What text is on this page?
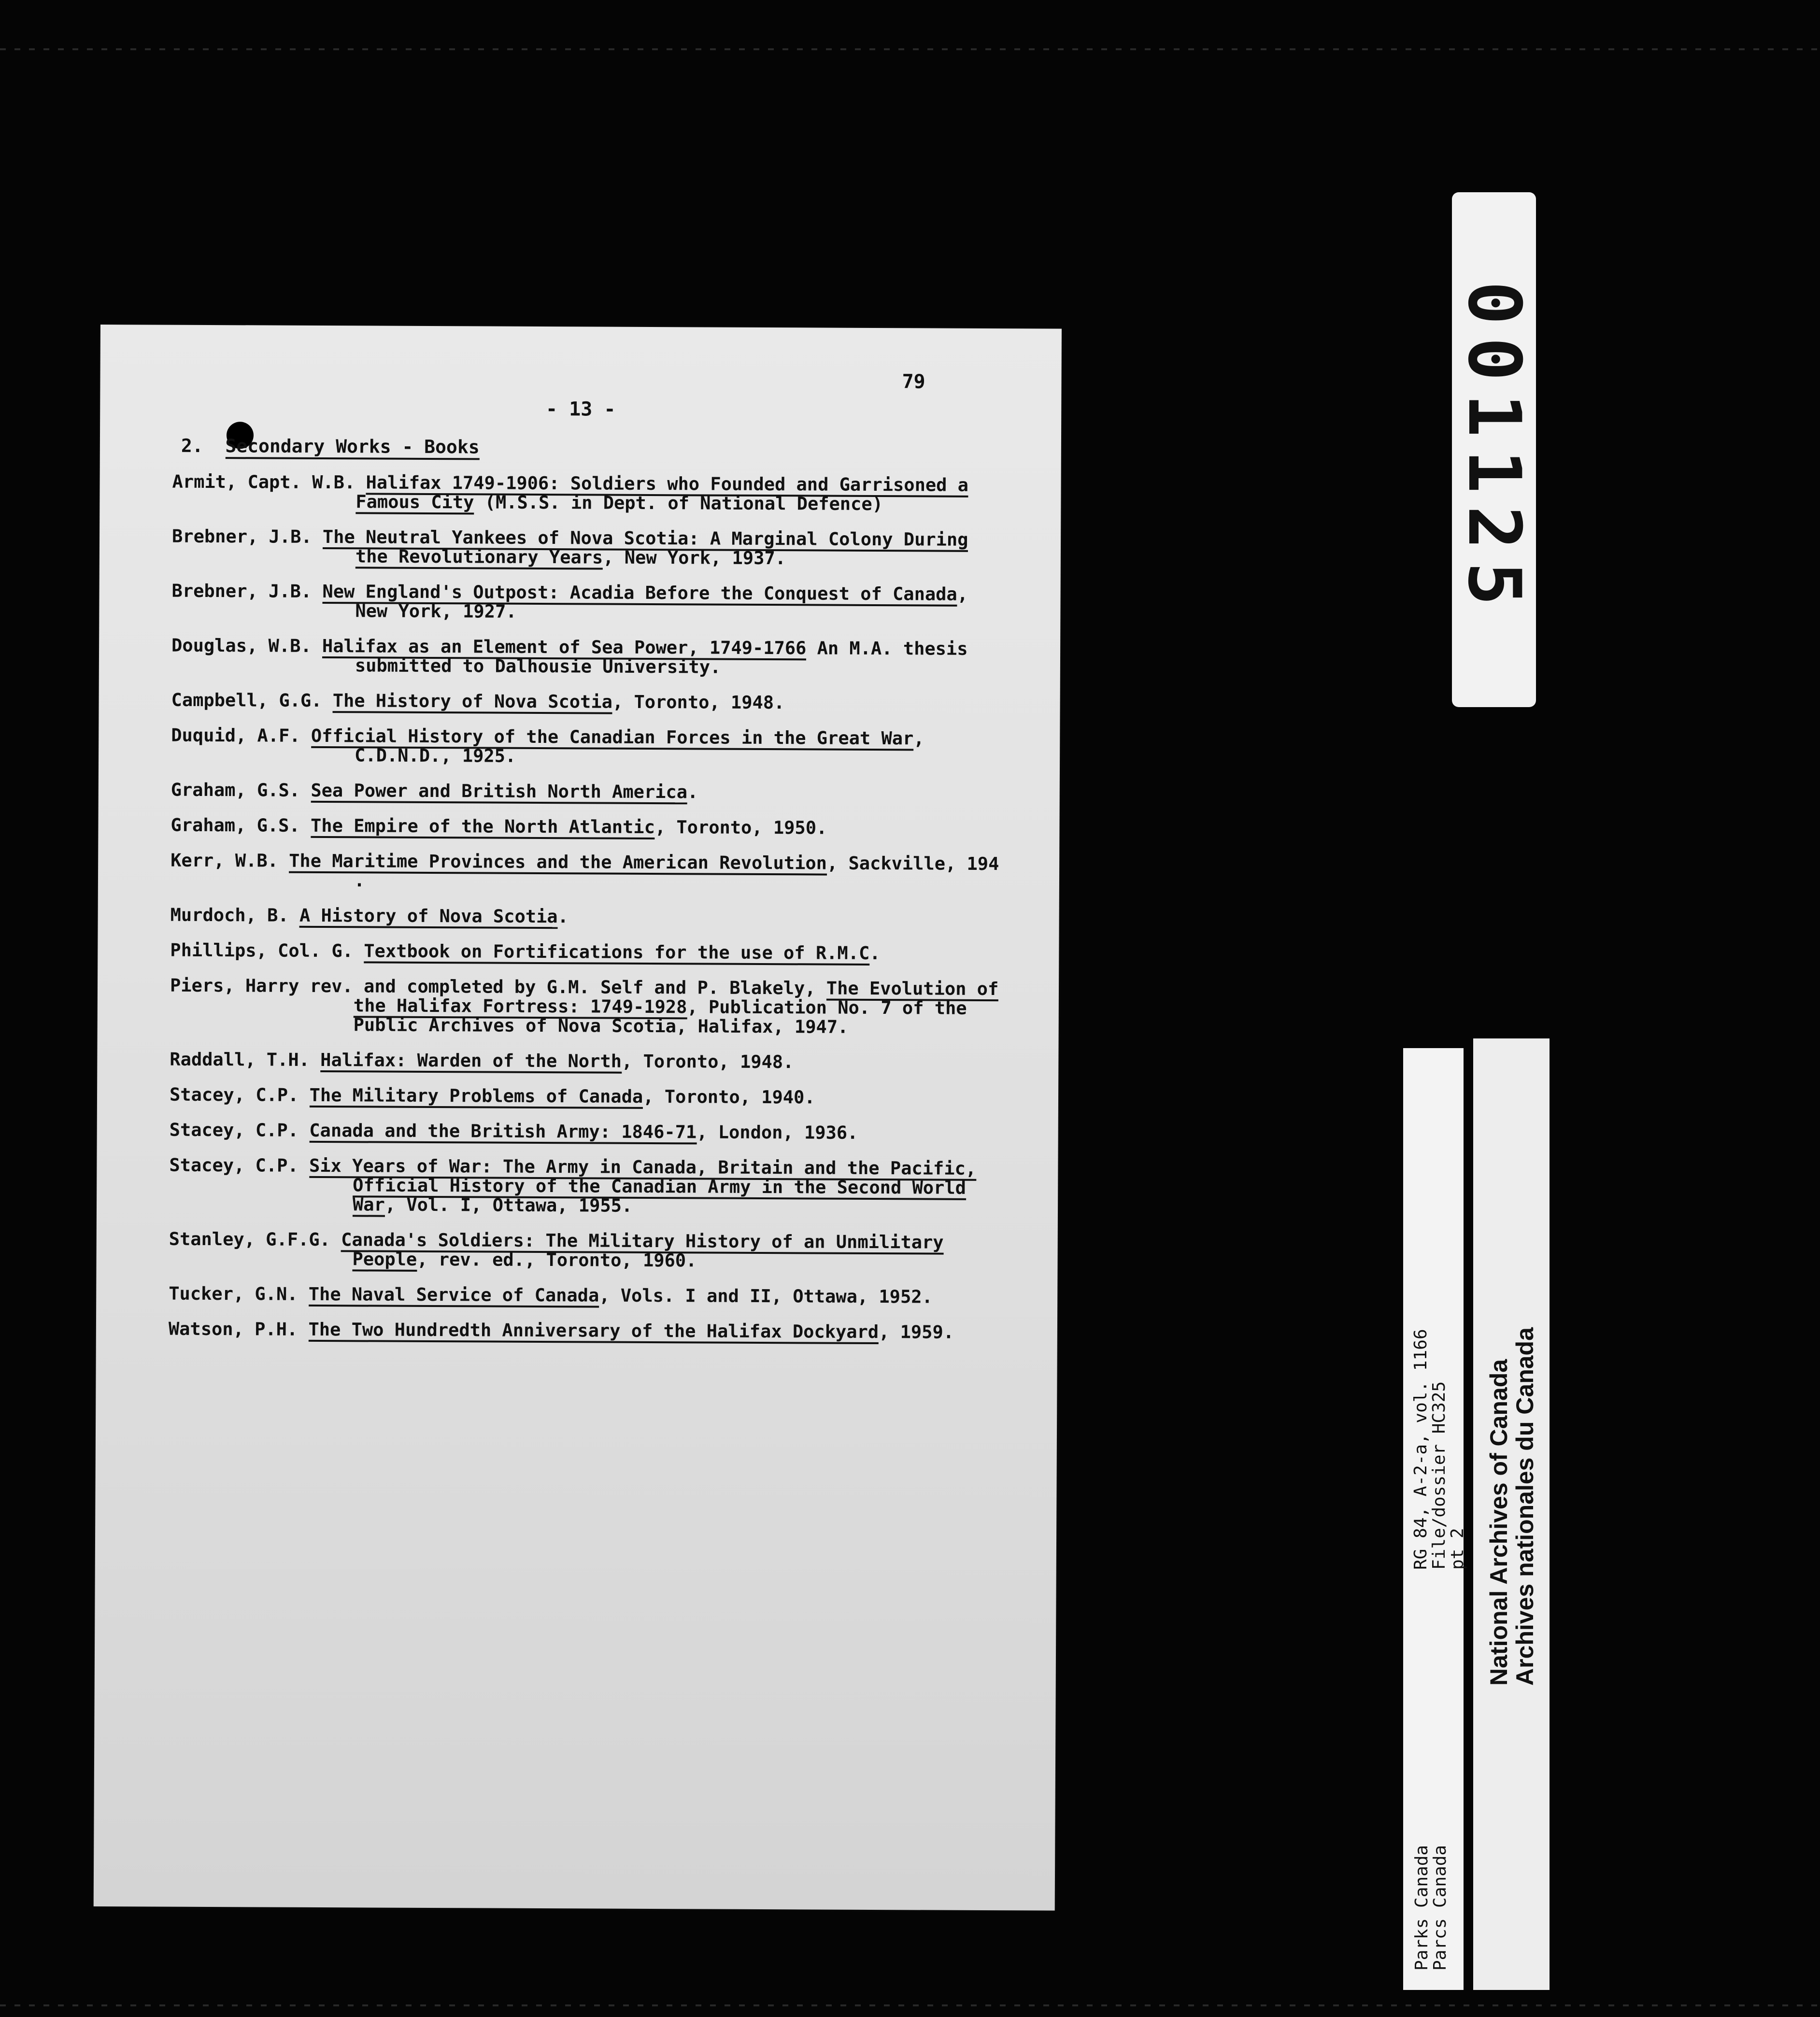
79
- 13 -
2. Secondary Works - Books
Armit, Capt. W.B. Halifax 1749-1906: Soldiers who Founded and Garrisoned a Famous City (M.S.S. in Dept. of National Defence)
Brebner, J.B. The Neutral Yankees of Nova Scotia: A Marginal Colony During the Revolutionary Years, New York, 1937.
Brebner, J.B. New England's Outpost: Acadia Before the Conquest of Canada, New York, 1927.
Douglas, W.B. Halifax as an Element of Sea Power, 1749-1766 An M.A. thesis submitted to Dalhousie University.
Campbell, G.G. The History of Nova Scotia, Toronto, 1948.
Duquid, A.F. Official History of the Canadian Forces in the Great War, C.D.N.D., 1925.
Graham, G.S. Sea Power and British North America.
Graham, G.S. The Empire of the North Atlantic, Toronto, 1950.
Kerr, W.B. The Maritime Provinces and the American Revolution, Sackville, 194 .
Murdoch, B. A History of Nova Scotia.
Phillips, Col. G. Textbook on Fortifications for the use of R.M.C.
Piers, Harry rev. and completed by G.M. Self and P. Blakely, The Evolution of the Halifax Fortress: 1749-1928, Publication No. 7 of the Public Archives of Nova Scotia, Halifax, 1947.
Raddall, T.H. Halifax: Warden of the North, Toronto, 1948.
Stacey, C.P. The Military Problems of Canada, Toronto, 1940.
Stacey, C.P. Canada and the British Army: 1846-71, London, 1936.
Stacey, C.P. Six Years of War: The Army in Canada, Britain and the Pacific, Official History of the Canadian Army in the Second World War, Vol. I, Ottawa, 1955.
Stanley, G.F.G. Canada's Soldiers: The Military History of an Unmilitary People, rev. ed., Toronto, 1960.
Tucker, G.N. The Naval Service of Canada, Vols. I and II, Ottawa, 1952.
Watson, P.H. The Two Hundredth Anniversary of the Halifax Dockyard, 1959.
001125
RG 84, A-2-a, vol. 1166
File/dossier HC325
pt 2
Parks Canada
Parcs Canada
National Archives of Canada
Archives nationales du Canada
